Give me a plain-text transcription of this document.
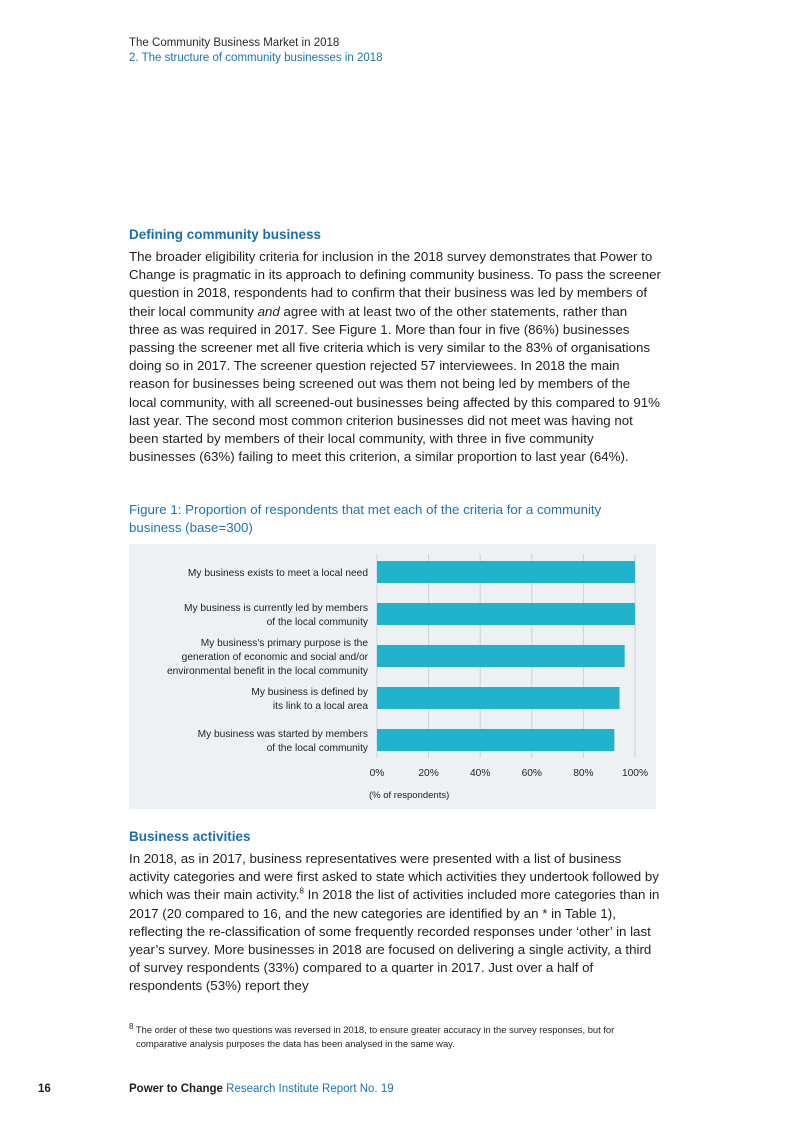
The Community Business Market in 2018
2. The structure of community businesses in 2018
Defining community business

The broader eligibility criteria for inclusion in the 2018 survey demonstrates that Power to Change is pragmatic in its approach to defining community business. To pass the screener question in 2018, respondents had to confirm that their business was led by members of their local community and agree with at least two of the other statements, rather than three as was required in 2017. See Figure 1. More than four in five (86%) businesses passing the screener met all five criteria which is very similar to the 83% of organisations doing so in 2017. The screener question rejected 57 interviewees. In 2018 the main reason for businesses being screened out was them not being led by members of the local community, with all screened-out businesses being affected by this compared to 91% last year. The second most common criterion businesses did not meet was having not been started by members of their local community, with three in five community businesses (63%) failing to meet this criterion, a similar proportion to last year (64%).

Figure 1: Proportion of respondents that met each of the criteria for a community business (base=300)

My business exists to meet a local need
My business is currently led by members
of the local community
My business's primary purpose is the
generation of economic and social and/or
environmental benefit in the local community
My business is defined by
its link to a local area
My business was started by members
of the local community
0%	20%	40%	60%	80%	100%
(% of respondents)
Business activities

In 2018, as in 2017, business representatives were presented with a list of business activity categories and were first asked to state which activities they undertook followed by which was their main activity.$^8$ In 2018 the list of activities included more categories than in 2017 (20 compared to 16, and the new categories are identified by an * in Table 1), reflecting the re-classification of some frequently recorded responses under ‘other’ in last year’s survey. More businesses in 2018 are focused on delivering a single activity, a third of survey respondents (33%) compared to a quarter in 2017. Just over a half of respondents (53%) report they

$^8$ The order of these two questions was reversed in 2018, to ensure greater accuracy in the survey responses, but for comparative analysis purposes the data has been analysed in the same way.
16	Power to Change Research Institute Report No. 19
